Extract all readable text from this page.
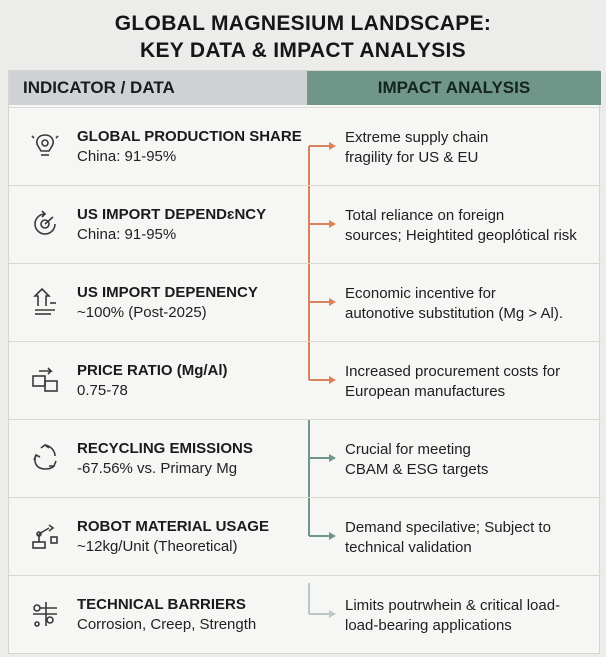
GLOBAL MAGNESIUM LANDSCAPE:
KEY DATA & IMPACT ANALYSIS
INDICATOR / DATA	IMPACT ANALYSIS
GLOBAL PRODUCTION SHARE
China: 91-95%
Extreme supply chain
fragility for US & EU
US IMPORT DEPENDɛNCY
China: 91-95%
Total reliance on foreign
sources; Heightited geoplótical risk
US IMPORT DEPENENCY
~100% (Post-2025)
Economic incentive for
autonotive substitution (Mg > Al).
PRICE RATIO (Mg/Al)
0.75-78
Increased procurement costs for
European manufactures
RECYCLING EMISSIONS
-67.56% vs. Primary Mg
Crucial for meeting
CBAM & ESG targets
ROBOT MATERIAL USAGE
~12kg/Unit (Theoretical)
Demand specilative; Subject to
technical validation
TECHNICAL BARRIERS
Corrosion, Creep, Strength
Limits poutrwhein & critical load-
load-bearing applications
